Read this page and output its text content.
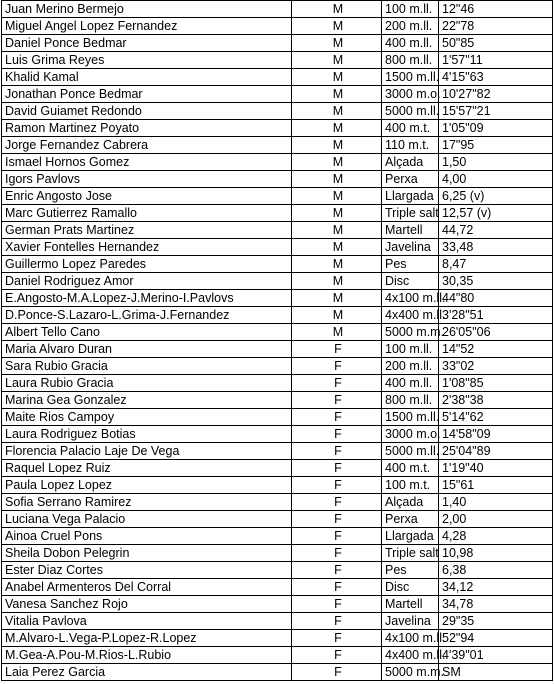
Juan Merino Bermejo	M	100 m.ll.	12"46
Miguel Angel Lopez Fernandez	M	200 m.ll.	22"78
Daniel Ponce Bedmar	M	400 m.ll.	50"85
Luis Grima Reyes	M	800 m.ll.	1'57"11
Khalid Kamal	M	1500 m.ll.	4'15"63
Jonathan Ponce Bedmar	M	3000 m.o.	10'27"82
David Guiamet Redondo	M	5000 m.ll.	15'57"21
Ramon Martinez Poyato	M	400 m.t.	1'05"09
Jorge Fernandez Cabrera	M	110 m.t.	17"95
Ismael Hornos Gomez	M	Alçada	1,50
Igors Pavlovs	M	Perxa	4,00
Enric Angosto Jose	M	Llargada	6,25 (v)
Marc Gutierrez Ramallo	M	Triple salt	12,57 (v)
German Prats Martinez	M	Martell	44,72
Xavier Fontelles Hernandez	M	Javelina	33,48
Guillermo Lopez Paredes	M	Pes	8,47
Daniel Rodriguez Amor	M	Disc	30,35
E.Angosto-M.A.Lopez-J.Merino-I.Pavlovs	M	4x100 m.ll.	44"80
D.Ponce-S.Lazaro-L.Grima-J.Fernandez	M	4x400 m.ll.	3'28"51
Albert Tello Cano	M	5000 m.m.	26'05"06
Maria Alvaro Duran	F	100 m.ll.	14"52
Sara Rubio Gracia	F	200 m.ll.	33"02
Laura Rubio Gracia	F	400 m.ll.	1'08"85
Marina Gea Gonzalez	F	800 m.ll.	2'38"38
Maite Rios Campoy	F	1500 m.ll.	5'14"62
Laura Rodriguez Botias	F	3000 m.o.	14'58"09
Florencia Palacio Laje De Vega	F	5000 m.ll.	25'04"89
Raquel Lopez Ruiz	F	400 m.t.	1'19"40
Paula Lopez Lopez	F	100 m.t.	15"61
Sofia Serrano Ramirez	F	Alçada	1,40
Luciana Vega Palacio	F	Perxa	2,00
Ainoa Cruel Pons	F	Llargada	4,28
Sheila Dobon Pelegrin	F	Triple salt	10,98
Ester Diaz Cortes	F	Pes	6,38
Anabel Armenteros Del Corral	F	Disc	34,12
Vanesa Sanchez Rojo	F	Martell	34,78
Vitalia Pavlova	F	Javelina	29"35
M.Alvaro-L.Vega-P.Lopez-R.Lopez	F	4x100 m.ll.	52"94
M.Gea-A.Pou-M.Rios-L.Rubio	F	4x400 m.ll.	4'39"01
Laia Perez Garcia	F	5000 m.m.	SM
